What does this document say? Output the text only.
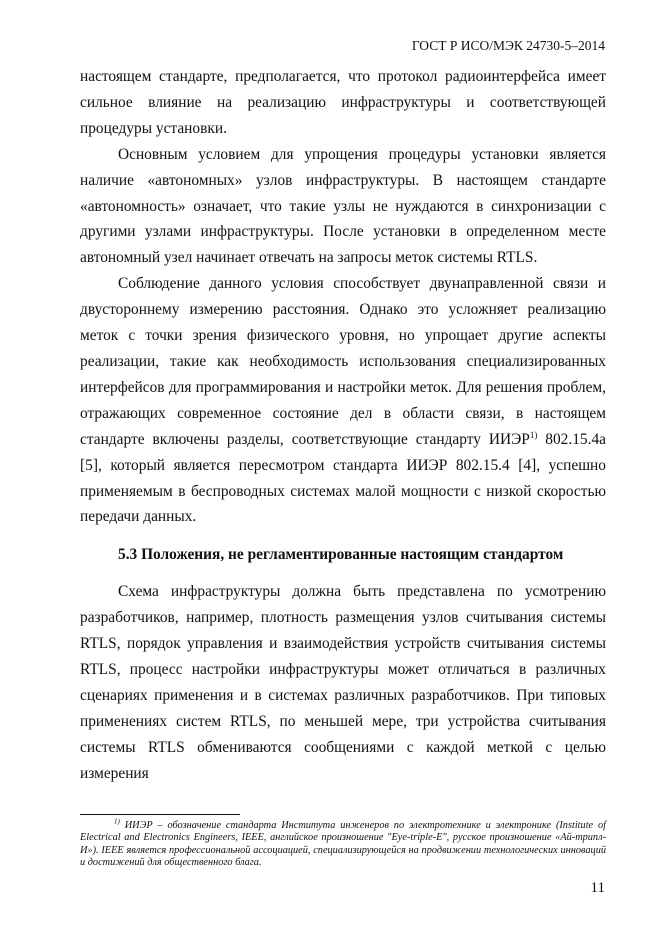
ГОСТ Р ИСО/МЭК 24730-5–2014

настоящем стандарте, предполагается, что протокол радиоинтерфейса имеет сильное влияние на реализацию инфраструктуры и соответствующей процедуры установки.

Основным условием для упрощения процедуры установки является наличие «автономных» узлов инфраструктуры. В настоящем стандарте «автономность» означает, что такие узлы не нуждаются в синхронизации с другими узлами инфраструктуры. После установки в определенном месте автономный узел начинает отвечать на запросы меток системы RTLS.

Соблюдение данного условия способствует двунаправленной связи и двустороннему измерению расстояния. Однако это усложняет реализацию меток с точки зрения физического уровня, но упрощает другие аспекты реализации, такие как необходимость использования специализированных интерфейсов для программирования и настройки меток. Для решения проблем, отражающих современное состояние дел в области связи, в настоящем стандарте включены разделы, соответствующие стандарту ИИЭР$^{1)}$ 802.15.4a [5], который является пересмотром стандарта ИИЭР 802.15.4 [4], успешно применяемым в беспроводных системах малой мощности с низкой скоростью передачи данных.

5.3 Положения, не регламентированные настоящим стандартом

Схема инфраструктуры должна быть представлена по усмотрению разработчиков, например, плотность размещения узлов считывания системы RTLS, порядок управления и взаимодействия устройств считывания системы RTLS, процесс настройки инфраструктуры может отличаться в различных сценариях применения и в системах различных разработчиков. При типовых применениях систем RTLS, по меньшей мере, три устройства считывания системы RTLS обмениваются сообщениями с каждой меткой с целью измерения

$^{1)}$ ИИЭР – обозначение стандарта Института инженеров по электротехнике и электронике (Institute of Electrical and Electronics Engineers, IEEE, английское произношение "Eye-triple-E", русское произношение «Ай-трипл-И»). IEEE является профессиональной ассоциацией, специализирующейся на продвижении технологических инноваций и достижений для общественного блага.
11
